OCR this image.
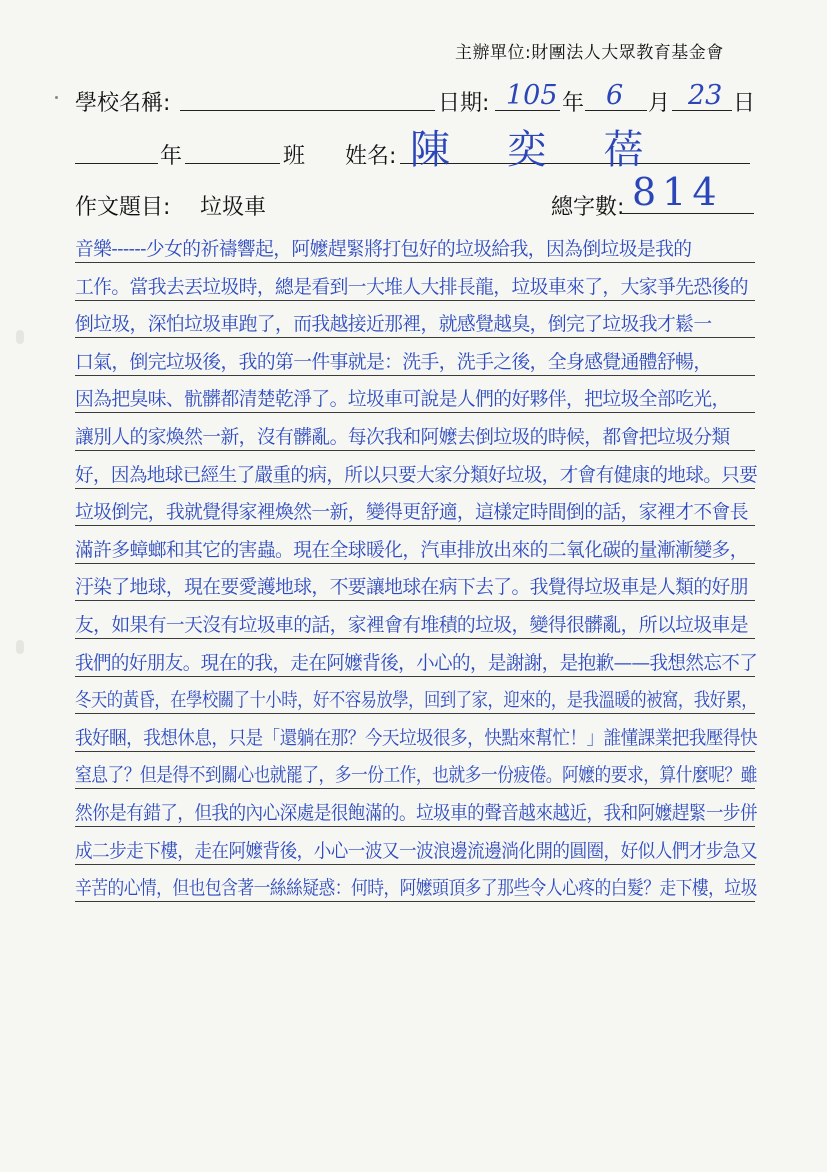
主辦單位:財團法人大眾教育基金會
學校名稱:	日期: 105 年 6 月 23 日
年	班 姓名: 陳 奕 蓓
作文題目: 垃圾車	總字數: 814
音樂------少女的祈禱響起，阿嬤趕緊將打包好的垃圾給我，因為倒垃圾是我的
工作。當我去丟垃圾時，總是看到一大堆人大排長龍，垃圾車來了，大家爭先恐後的
倒垃圾，深怕垃圾車跑了，而我越接近那裡，就感覺越臭，倒完了垃圾我才鬆一
口氣，倒完垃圾後，我的第一件事就是：洗手，洗手之後，全身感覺通體舒暢，
因為把臭味、骯髒都清楚乾淨了。垃圾車可說是人們的好夥伴，把垃圾全部吃光，
讓別人的家煥然一新，沒有髒亂。每次我和阿嬤去倒垃圾的時候，都會把垃圾分類
好，因為地球已經生了嚴重的病，所以只要大家分類好垃圾，才會有健康的地球。只要
垃圾倒完，我就覺得家裡煥然一新，變得更舒適，這樣定時間倒的話，家裡才不會長
滿許多蟑螂和其它的害蟲。現在全球暖化，汽車排放出來的二氧化碳的量漸漸變多，
汙染了地球，現在要愛護地球，不要讓地球在病下去了。我覺得垃圾車是人類的好朋
友，如果有一天沒有垃圾車的話，家裡會有堆積的垃圾，變得很髒亂，所以垃圾車是
我們的好朋友。現在的我，走在阿嬤背後，小心的，是謝謝，是抱歉——我想然忘不了
冬天的黃昏，在學校關了十小時，好不容易放學，回到了家，迎來的，是我溫暖的被窩，我好累，
我好睏，我想休息，只是「還躺在那？今天垃圾很多，快點來幫忙！」誰懂課業把我壓得快
窒息了？但是得不到關心也就罷了，多一份工作，也就多一份疲倦。阿嬤的要求，算什麼呢？雖
然你是有錯了，但我的內心深處是很飽滿的。垃圾車的聲音越來越近，我和阿嬤趕緊一步併
成二步走下樓，走在阿嬤背後，小心一波又一波浪邊流邊淌化開的圓圈，好似人們才步急又
辛苦的心情，但也包含著一絲絲疑惑：何時，阿嬤頭頂多了那些令人心疼的白髮？走下樓，垃圾
